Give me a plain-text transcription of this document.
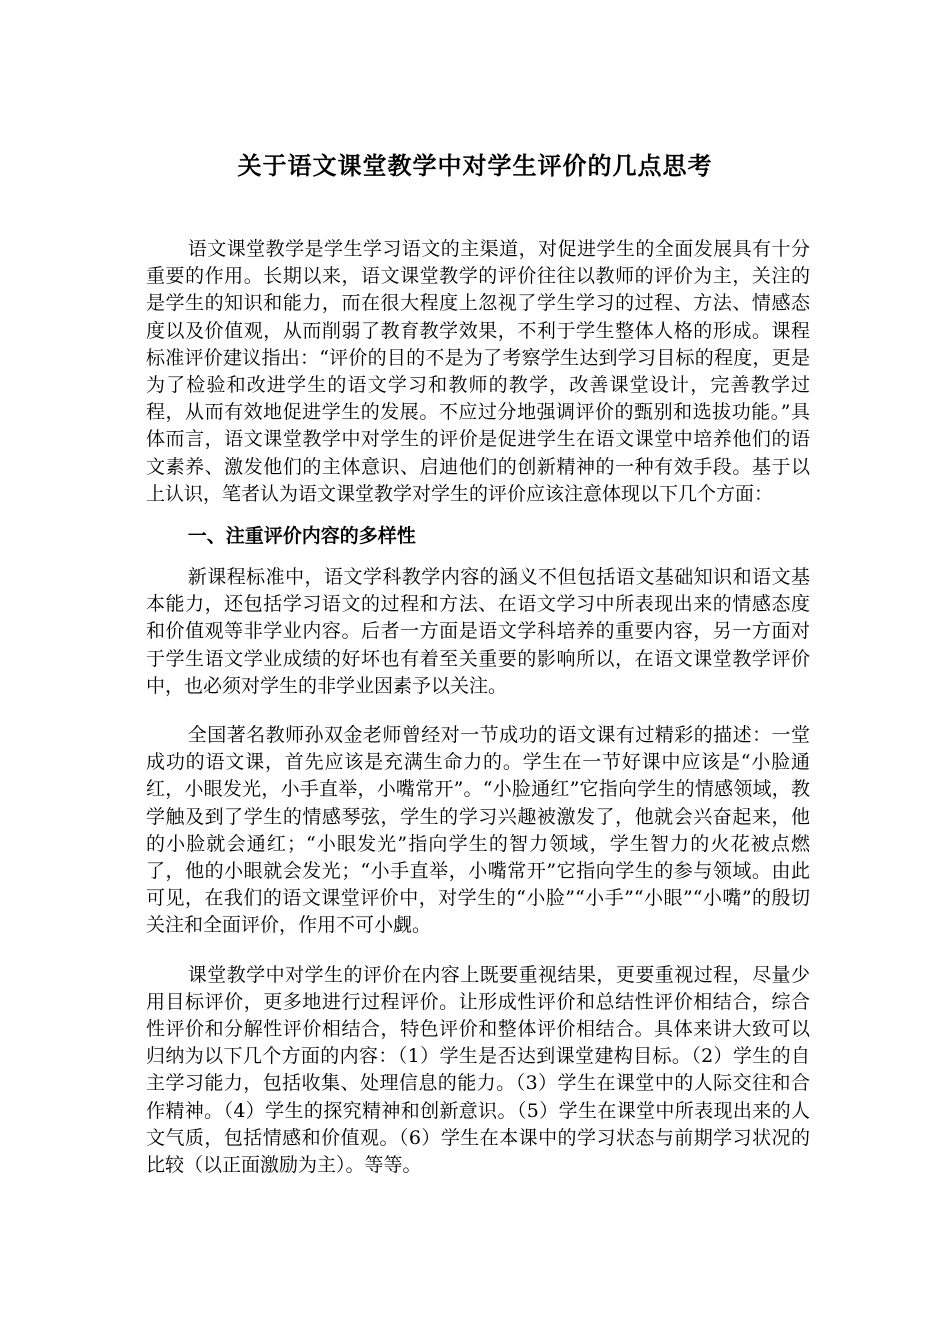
关于语文课堂教学中对学生评价的几点思考

语文课堂教学是学生学习语文的主渠道，对促进学生的全面发展具有十分重要的作用。长期以来，语文课堂教学的评价往往以教师的评价为主，关注的是学生的知识和能力，而在很大程度上忽视了学生学习的过程、方法、情感态度以及价值观，从而削弱了教育教学效果，不利于学生整体人格的形成。课程标准评价建议指出：“评价的目的不是为了考察学生达到学习目标的程度，更是为了检验和改进学生的语文学习和教师的教学，改善课堂设计，完善教学过程，从而有效地促进学生的发展。不应过分地强调评价的甄别和选拔功能。”具体而言，语文课堂教学中对学生的评价是促进学生在语文课堂中培养他们的语文素养、激发他们的主体意识、启迪他们的创新精神的一种有效手段。基于以上认识，笔者认为语文课堂教学对学生的评价应该注意体现以下几个方面：

一、注重评价内容的多样性

新课程标准中，语文学科教学内容的涵义不但包括语文基础知识和语文基本能力，还包括学习语文的过程和方法、在语文学习中所表现出来的情感态度和价值观等非学业内容。后者一方面是语文学科培养的重要内容，另一方面对于学生语文学业成绩的好坏也有着至关重要的影响所以，在语文课堂教学评价中，也必须对学生的非学业因素予以关注。

全国著名教师孙双金老师曾经对一节成功的语文课有过精彩的描述：一堂成功的语文课，首先应该是充满生命力的。学生在一节好课中应该是“小脸通红，小眼发光，小手直举，小嘴常开”。“小脸通红”它指向学生的情感领域，教学触及到了学生的情感琴弦，学生的学习兴趣被激发了，他就会兴奋起来，他的小脸就会通红；“小眼发光”指向学生的智力领域，学生智力的火花被点燃了，他的小眼就会发光；“小手直举，小嘴常开”它指向学生的参与领域。由此可见，在我们的语文课堂评价中，对学生的“小脸”“小手”“小眼”“小嘴”的殷切关注和全面评价，作用不可小觑。

课堂教学中对学生的评价在内容上既要重视结果，更要重视过程，尽量少用目标评价，更多地进行过程评价。让形成性评价和总结性评价相结合，综合性评价和分解性评价相结合，特色评价和整体评价相结合。具体来讲大致可以归纳为以下几个方面的内容：（1）学生是否达到课堂建构目标。（2）学生的自主学习能力，包括收集、处理信息的能力。（3）学生在课堂中的人际交往和合作精神。（4）学生的探究精神和创新意识。（5）学生在课堂中所表现出来的人文气质，包括情感和价值观。（6）学生在本课中的学习状态与前期学习状况的比较（以正面激励为主）。等等。
